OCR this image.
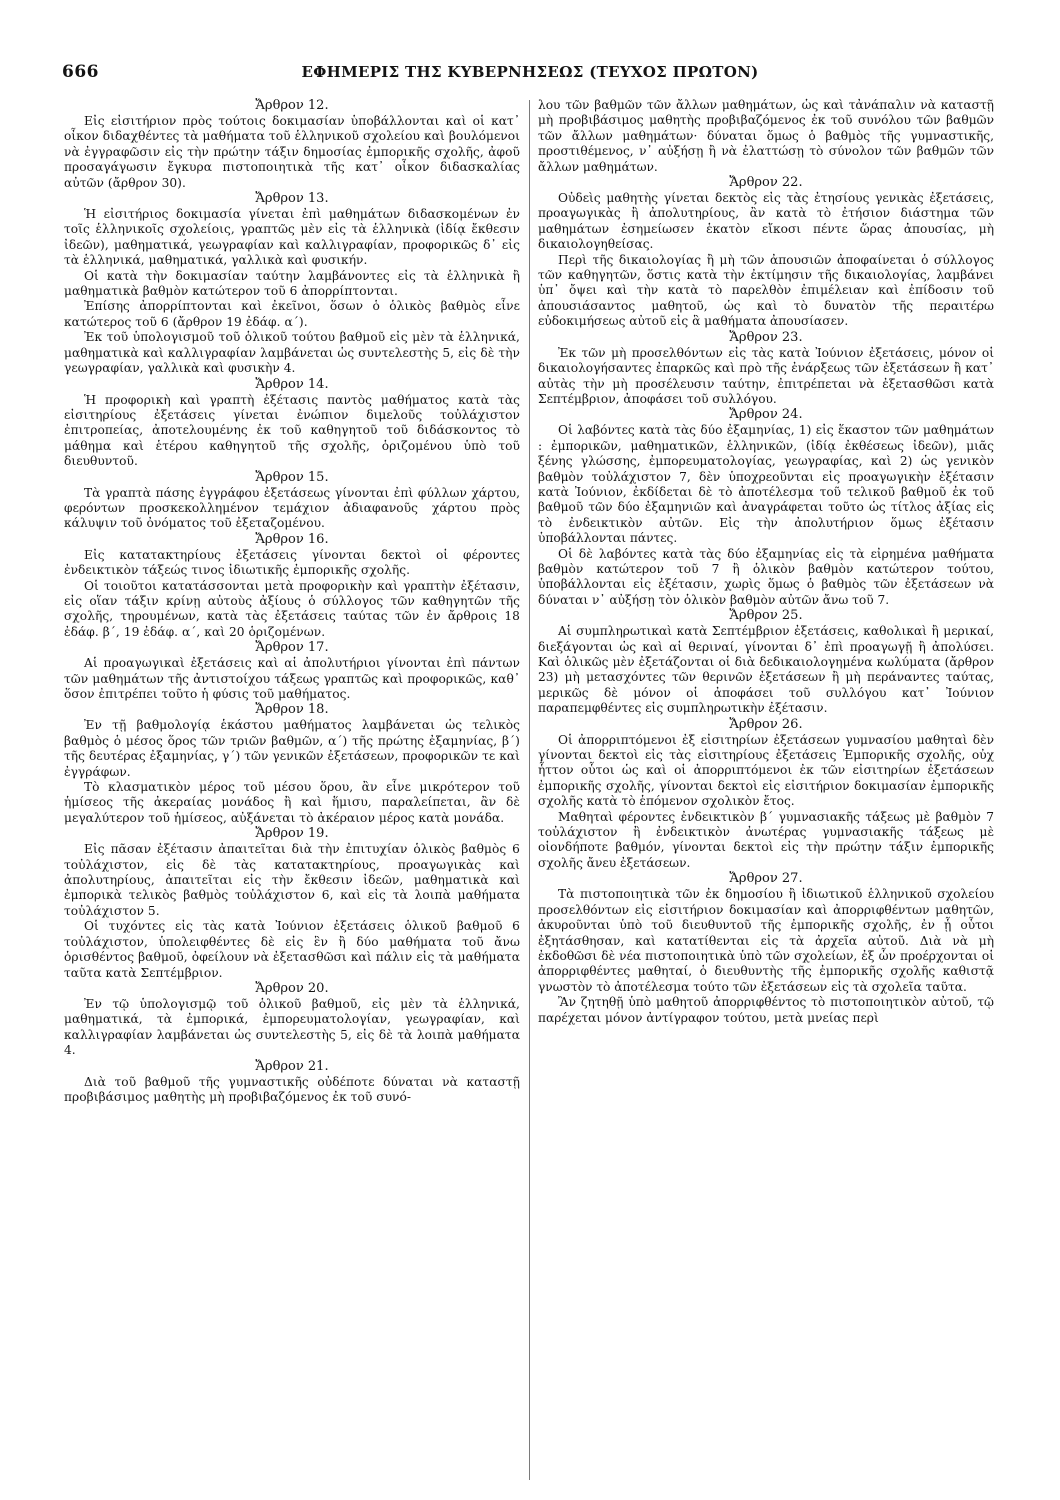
666	ΕΦΗΜΕΡΙΣ ΤΗΣ ΚΥΒΕΡΝΗΣΕΩΣ (ΤΕΥΧΟΣ ΠΡΩΤΟΝ)
Ἄρθρον 12.

Εἰς εἰσιτήριον πρὸς τούτοις δοκιμασίαν ὑποβάλλονται καὶ οἱ κατ᾽ οἶκον διδαχθέντες τὰ μαθήματα τοῦ ἑλληνικοῦ σχολείου καὶ βουλόμενοι νὰ ἐγγραφῶσιν εἰς τὴν πρώτην τάξιν δημοσίας ἐμπορικῆς σχολῆς, ἀφοῦ προσαγάγωσιν ἔγκυρα πιστοποιητικὰ τῆς κατ᾽ οἶκον διδασκαλίας αὐτῶν (ἄρθρον 30).

Ἄρθρον 13.

Ἡ εἰσιτήριος δοκιμασία γίνεται ἐπὶ μαθημάτων διδασκομένων ἐν τοῖς ἑλληνικοῖς σχολείοις, γραπτῶς μὲν εἰς τὰ ἑλληνικὰ (ἰδίᾳ ἔκθεσιν ἰδεῶν), μαθηματικά, γεωγραφίαν καὶ καλλιγραφίαν, προφορικῶς δ᾽ εἰς τὰ ἑλληνικά, μαθηματικά, γαλλικὰ καὶ φυσικήν.

Οἱ κατὰ τὴν δοκιμασίαν ταύτην λαμβάνοντες εἰς τὰ ἑλληνικὰ ἢ μαθηματικὰ βαθμὸν κατώτερον τοῦ 6 ἀπορρίπτονται.

Ἐπίσης ἀπορρίπτονται καὶ ἐκεῖνοι, ὅσων ὁ ὁλικὸς βαθμὸς εἶνε κατώτερος τοῦ 6 (ἄρθρον 19 ἐδάφ. α´).

Ἐκ τοῦ ὑπολογισμοῦ τοῦ ὁλικοῦ τούτου βαθμοῦ εἰς μὲν τὰ ἑλληνικά, μαθηματικὰ καὶ καλλιγραφίαν λαμβάνεται ὡς συντελεστὴς 5, εἰς δὲ τὴν γεωγραφίαν, γαλλικὰ καὶ φυσικὴν 4.

Ἄρθρον 14.

Ἡ προφορικὴ καὶ γραπτὴ ἐξέτασις παντὸς μαθήματος κατὰ τὰς εἰσιτηρίους ἐξετάσεις γίνεται ἐνώπιον διμελοῦς τοὐλάχιστον ἐπιτροπείας, ἀποτελουμένης ἐκ τοῦ καθηγητοῦ τοῦ διδάσκοντος τὸ μάθημα καὶ ἑτέρου καθηγητοῦ τῆς σχολῆς, ὁριζομένου ὑπὸ τοῦ διευθυντοῦ.

Ἄρθρον 15.

Τὰ γραπτὰ πάσης ἐγγράφου ἐξετάσεως γίνονται ἐπὶ φύλλων χάρτου, φερόντων προσκεκολλημένον τεμάχιον ἀδιαφανοῦς χάρτου πρὸς κάλυψιν τοῦ ὀνόματος τοῦ ἐξεταζομένου.

Ἄρθρον 16.

Εἰς κατατακτηρίους ἐξετάσεις γίνονται δεκτοὶ οἱ φέροντες ἐνδεικτικὸν τάξεώς τινος ἰδιωτικῆς ἐμπορικῆς σχολῆς.

Οἱ τοιοῦτοι κατατάσσονται μετὰ προφορικὴν καὶ γραπτὴν ἐξέτασιν, εἰς οἵαν τάξιν κρίνῃ αὐτοὺς ἀξίους ὁ σύλλογος τῶν καθηγητῶν τῆς σχολῆς, τηρουμένων, κατὰ τὰς ἐξετάσεις ταύτας τῶν ἐν ἄρθροις 18 ἐδάφ. β´, 19 ἐδάφ. α´, καὶ 20 ὁριζομένων.

Ἄρθρον 17.

Αἱ προαγωγικαὶ ἐξετάσεις καὶ αἱ ἀπολυτήριοι γίνονται ἐπὶ πάντων τῶν μαθημάτων τῆς ἀντιστοίχου τάξεως γραπτῶς καὶ προφορικῶς, καθ᾽ ὅσον ἐπιτρέπει τοῦτο ἡ φύσις τοῦ μαθήματος.

Ἄρθρον 18.

Ἐν τῇ βαθμολογίᾳ ἑκάστου μαθήματος λαμβάνεται ὡς τελικὸς βαθμὸς ὁ μέσος ὅρος τῶν τριῶν βαθμῶν, α´) τῆς πρώτης ἐξαμηνίας, β´) τῆς δευτέρας ἐξαμηνίας, γ´) τῶν γενικῶν ἐξετάσεων, προφορικῶν τε καὶ ἐγγράφων.

Τὸ κλασματικὸν μέρος τοῦ μέσου ὅρου, ἂν εἶνε μικρότερον τοῦ ἡμίσεος τῆς ἀκεραίας μονάδος ἢ καὶ ἥμισυ, παραλείπεται, ἂν δὲ μεγαλύτερον τοῦ ἡμίσεος, αὐξάνεται τὸ ἀκέραιον μέρος κατὰ μονάδα.

Ἄρθρον 19.

Εἰς πᾶσαν ἐξέτασιν ἀπαιτεῖται διὰ τὴν ἐπιτυχίαν ὁλικὸς βαθμὸς 6 τοὐλάχιστον, εἰς δὲ τὰς κατατακτηρίους, προαγωγικὰς καὶ ἀπολυτηρίους, ἀπαιτεῖται εἰς τὴν ἔκθεσιν ἰδεῶν, μαθηματικὰ καὶ ἐμπορικὰ τελικὸς βαθμὸς τοὐλάχιστον 6, καὶ εἰς τὰ λοιπὰ μαθήματα τοὐλάχιστον 5.

Οἱ τυχόντες εἰς τὰς κατὰ Ἰούνιον ἐξετάσεις ὁλικοῦ βαθμοῦ 6 τοὐλάχιστον, ὑπολειφθέντες δὲ εἰς ἓν ἢ δύο μαθήματα τοῦ ἄνω ὁρισθέντος βαθμοῦ, ὀφείλουν νὰ ἐξετασθῶσι καὶ πάλιν εἰς τὰ μαθήματα ταῦτα κατὰ Σεπτέμβριον.

Ἄρθρον 20.

Ἐν τῷ ὑπολογισμῷ τοῦ ὁλικοῦ βαθμοῦ, εἰς μὲν τὰ ἑλληνικά, μαθηματικά, τὰ ἐμπορικά, ἐμπορευματολογίαν, γεωγραφίαν, καὶ καλλιγραφίαν λαμβάνεται ὡς συντελεστὴς 5, εἰς δὲ τὰ λοιπὰ μαθήματα 4.

Ἄρθρον 21.

Διὰ τοῦ βαθμοῦ τῆς γυμναστικῆς οὐδέποτε δύναται νὰ καταστῇ προβιβάσιμος μαθητὴς μὴ προβιβαζόμενος ἐκ τοῦ συνό-

λου τῶν βαθμῶν τῶν ἄλλων μαθημάτων, ὡς καὶ τἀνάπαλιν νὰ καταστῇ μὴ προβιβάσιμος μαθητὴς προβιβαζόμενος ἐκ τοῦ συνόλου τῶν βαθμῶν τῶν ἄλλων μαθημάτων· δύναται ὅμως ὁ βαθμὸς τῆς γυμναστικῆς, προστιθέμενος, ν᾽ αὐξήσῃ ἢ νὰ ἐλαττώσῃ τὸ σύνολον τῶν βαθμῶν τῶν ἄλλων μαθημάτων.

Ἄρθρον 22.

Οὐδεὶς μαθητὴς γίνεται δεκτὸς εἰς τὰς ἐτησίους γενικὰς ἐξετάσεις, προαγωγικὰς ἢ ἀπολυτηρίους, ἂν κατὰ τὸ ἐτήσιον διάστημα τῶν μαθημάτων ἐσημείωσεν ἑκατὸν εἴκοσι πέντε ὥρας ἀπουσίας, μὴ δικαιολογηθείσας.

Περὶ τῆς δικαιολογίας ἢ μὴ τῶν ἀπουσιῶν ἀποφαίνεται ὁ σύλλογος τῶν καθηγητῶν, ὅστις κατὰ τὴν ἐκτίμησιν τῆς δικαιολογίας, λαμβάνει ὑπ᾽ ὄψει καὶ τὴν κατὰ τὸ παρελθὸν ἐπιμέλειαν καὶ ἐπίδοσιν τοῦ ἀπουσιάσαντος μαθητοῦ, ὡς καὶ τὸ δυνατὸν τῆς περαιτέρω εὐδοκιμήσεως αὐτοῦ εἰς ἃ μαθήματα ἀπουσίασεν.

Ἄρθρον 23.

Ἐκ τῶν μὴ προσελθόντων εἰς τὰς κατὰ Ἰούνιον ἐξετάσεις, μόνον οἱ δικαιολογήσαντες ἐπαρκῶς καὶ πρὸ τῆς ἐνάρξεως τῶν ἐξετάσεων ἢ κατ᾽ αὐτὰς τὴν μὴ προσέλευσιν ταύτην, ἐπιτρέπεται νὰ ἐξετασθῶσι κατὰ Σεπτέμβριον, ἀποφάσει τοῦ συλλόγου.

Ἄρθρον 24.

Οἱ λαβόντες κατὰ τὰς δύο ἐξαμηνίας, 1) εἰς ἕκαστον τῶν μαθημάτων : ἐμπορικῶν, μαθηματικῶν, ἑλληνικῶν, (ἰδίᾳ ἐκθέσεως ἰδεῶν), μιᾶς ξένης γλώσσης, ἐμπορευματολογίας, γεωγραφίας, καὶ 2) ὡς γενικὸν βαθμὸν τοὐλάχιστον 7, δὲν ὑποχρεοῦνται εἰς προαγωγικὴν ἐξέτασιν κατὰ Ἰούνιον, ἐκδίδεται δὲ τὸ ἀποτέλεσμα τοῦ τελικοῦ βαθμοῦ ἐκ τοῦ βαθμοῦ τῶν δύο ἐξαμηνιῶν καὶ ἀναγράφεται τοῦτο ὡς τίτλος ἀξίας εἰς τὸ ἐνδεικτικὸν αὐτῶν. Εἰς τὴν ἀπολυτήριον ὅμως ἐξέτασιν ὑποβάλλονται πάντες.

Οἱ δὲ λαβόντες κατὰ τὰς δύο ἐξαμηνίας εἰς τὰ εἰρημένα μαθήματα βαθμὸν κατώτερον τοῦ 7 ἢ ὁλικὸν βαθμὸν κατώτερον τούτου, ὑποβάλλονται εἰς ἐξέτασιν, χωρὶς ὅμως ὁ βαθμὸς τῶν ἐξετάσεων νὰ δύναται ν᾽ αὐξήσῃ τὸν ὁλικὸν βαθμὸν αὐτῶν ἄνω τοῦ 7.

Ἄρθρον 25.

Αἱ συμπληρωτικαὶ κατὰ Σεπτέμβριον ἐξετάσεις, καθολικαὶ ἢ μερικαί, διεξάγονται ὡς καὶ αἱ θεριναί, γίνονται δ᾽ ἐπὶ προαγωγῇ ἢ ἀπολύσει. Καὶ ὁλικῶς μὲν ἐξετάζονται οἱ διὰ δεδικαιολογημένα κωλύματα (ἄρθρον 23) μὴ μετασχόντες τῶν θερινῶν ἐξετάσεων ἢ μὴ περάναντες ταύτας, μερικῶς δὲ μόνον οἱ ἀποφάσει τοῦ συλλόγου κατ᾽ Ἰούνιον παραπεμφθέντες εἰς συμπληρωτικὴν ἐξέτασιν.

Ἄρθρον 26.

Οἱ ἀπορριπτόμενοι ἐξ εἰσιτηρίων ἐξετάσεων γυμνασίου μαθηταὶ δὲν γίνονται δεκτοὶ εἰς τὰς εἰσιτηρίους ἐξετάσεις Ἐμπορικῆς σχολῆς, οὐχ ἧττον οὗτοι ὡς καὶ οἱ ἀπορριπτόμενοι ἐκ τῶν εἰσιτηρίων ἐξετάσεων ἐμπορικῆς σχολῆς, γίνονται δεκτοὶ εἰς εἰσιτήριον δοκιμασίαν ἐμπορικῆς σχολῆς κατὰ τὸ ἑπόμενον σχολικὸν ἔτος.

Μαθηταὶ φέροντες ἐνδεικτικὸν β´ γυμνασιακῆς τάξεως μὲ βαθμὸν 7 τοὐλάχιστον ἢ ἐνδεικτικὸν ἀνωτέρας γυμνασιακῆς τάξεως μὲ οἱονδήποτε βαθμόν, γίνονται δεκτοὶ εἰς τὴν πρώτην τάξιν ἐμπορικῆς σχολῆς ἄνευ ἐξετάσεων.

Ἄρθρον 27.

Τὰ πιστοποιητικὰ τῶν ἐκ δημοσίου ἢ ἰδιωτικοῦ ἑλληνικοῦ σχολείου προσελθόντων εἰς εἰσιτήριον δοκιμασίαν καὶ ἀπορριφθέντων μαθητῶν, ἀκυροῦνται ὑπὸ τοῦ διευθυντοῦ τῆς ἐμπορικῆς σχολῆς, ἐν ᾗ οὗτοι ἐξητάσθησαν, καὶ κατατίθενται εἰς τὰ ἀρχεῖα αὐτοῦ. Διὰ νὰ μὴ ἐκδοθῶσι δὲ νέα πιστοποιητικὰ ὑπὸ τῶν σχολείων, ἐξ ὧν προέρχονται οἱ ἀπορριφθέντες μαθηταί, ὁ διευθυντὴς τῆς ἐμπορικῆς σχολῆς καθιστᾷ γνωστὸν τὸ ἀποτέλεσμα τούτο τῶν ἐξετάσεων εἰς τὰ σχολεῖα ταῦτα.

Ἂν ζητηθῇ ὑπὸ μαθητοῦ ἀπορριφθέντος τὸ πιστοποιητικὸν αὐτοῦ, τῷ παρέχεται μόνον ἀντίγραφον τούτου, μετὰ μνείας περὶ
